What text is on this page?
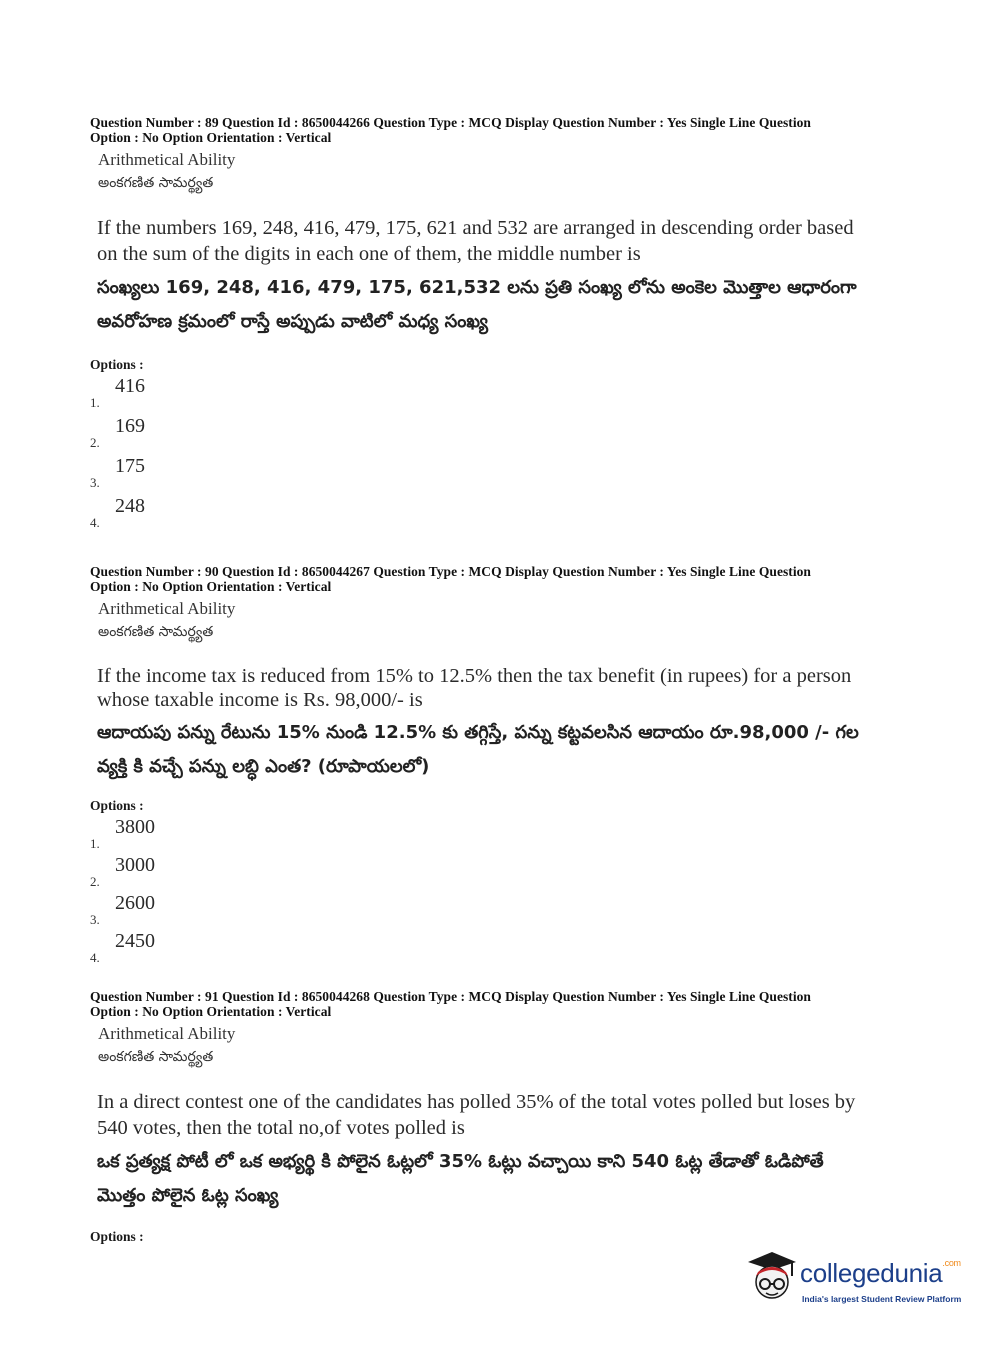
Question Number : 89 Question Id : 8650044266 Question Type : MCQ Display Question Number : Yes Single Line Question
Option : No Option Orientation : Vertical
Arithmetical Ability
అంకగణిత సామర్థ్యత
If the numbers 169, 248, 416, 479, 175, 621 and 532 are arranged in descending order based on the sum of the digits in each one of them, the middle number is
సంఖ్యలు 169, 248, 416, 479, 175, 621,532 లను ప్రతి సంఖ్య లోను అంకెల మొత్తాల ఆధారంగా అవరోహణ క్రమంలో రాస్తే అప్పుడు వాటిలో మధ్య సంఖ్య
Options :
1.
416
2.
169
3.
175
4.
248
Question Number : 90 Question Id : 8650044267 Question Type : MCQ Display Question Number : Yes Single Line Question
Option : No Option Orientation : Vertical
Arithmetical Ability
అంకగణిత సామర్థ్యత
If the income tax is reduced from 15% to 12.5% then the tax benefit (in rupees) for a person whose taxable income is Rs. 98,000/- is
ఆదాయపు పన్ను రేటును 15% నుండి 12.5% కు తగ్గిస్తే, పన్ను కట్టవలసిన ఆదాయం రూ.98,000 /- గల వ్యక్తి కి వచ్చే పన్ను లబ్ధి ఎంత? (రూపాయలలో)
Options :
1.
3800
2.
3000
3.
2600
4.
2450
Question Number : 91 Question Id : 8650044268 Question Type : MCQ Display Question Number : Yes Single Line Question
Option : No Option Orientation : Vertical
Arithmetical Ability
అంకగణిత సామర్థ్యత
In a direct contest one of the candidates has polled 35% of the total votes polled but loses by 540 votes, then the total no,of votes polled is
ఒక ప్రత్యక్ష పోటీ లో ఒక అభ్యర్థి కి పోలైన ఓట్లలో 35% ఓట్లు వచ్చాయి కాని 540 ఓట్ల తేడాతో ఓడిపోతే మొత్తం పోలైన ఓట్ల సంఖ్య
Options :
collegedunia$^{.com}$
India's largest Student Review Platform
